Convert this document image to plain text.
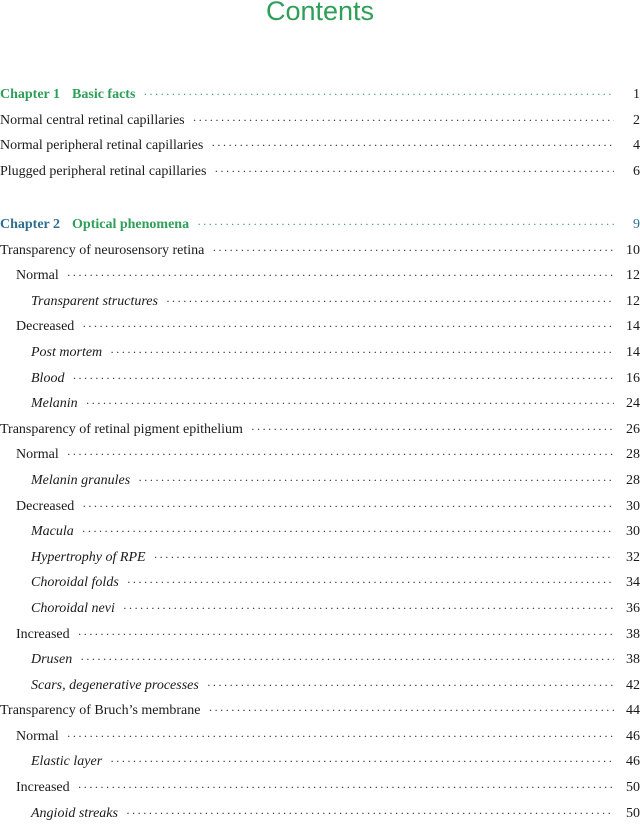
Contents
Chapter 1 Basic facts ·····	1
Normal central retinal capillaries ·····	2
Normal peripheral retinal capillaries ·····	4
Plugged peripheral retinal capillaries ·····	6
Chapter 2 Optical phenomena ·····	9
Transparency of neurosensory retina ·····	10
Normal ·····	12
Transparent structures ·····	12
Decreased ·····	14
Post mortem ·····	14
Blood ·····	16
Melanin ·····	24
Transparency of retinal pigment epithelium ·····	26
Normal ·····	28
Melanin granules ·····	28
Decreased ·····	30
Macula ·····	30
Hypertrophy of RPE ·····	32
Choroidal folds ·····	34
Choroidal nevi ·····	36
Increased ·····	38
Drusen ·····	38
Scars, degenerative processes ·····	42
Transparency of Bruch’s membrane ·····	44
Normal ·····	46
Elastic layer ·····	46
Increased ·····	50
Angioid streaks ·····	50
